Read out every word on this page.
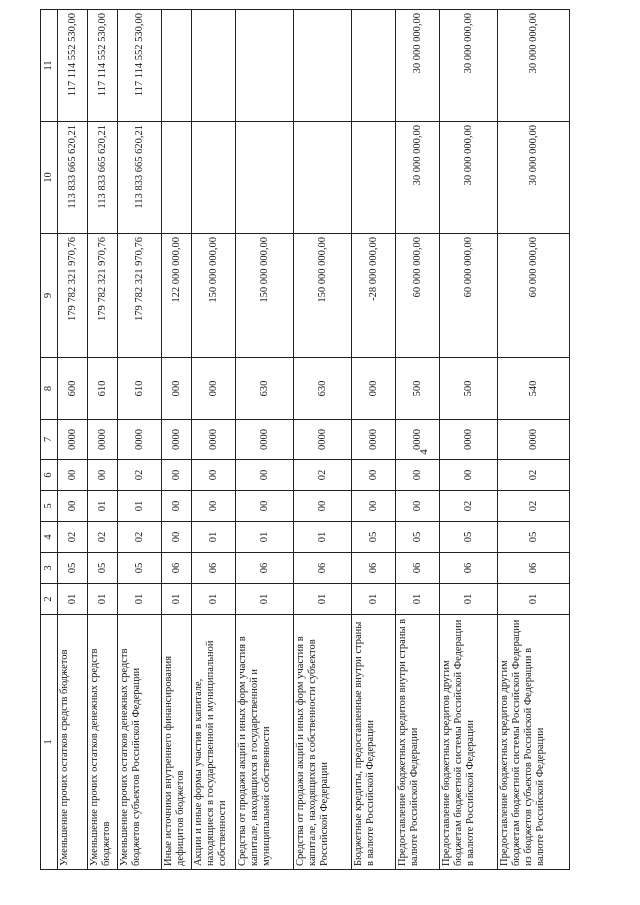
4
1	2	3	4	5	6	7	8	9	10	11
Уменьшение прочих остатков средств бюджетов	01	05	02	00	00	0000	600	179 782 321 970,76	113 833 665 620,21	117 114 552 530,00
Уменьшение прочих остатков денежных средств бюджетов	01	05	02	01	00	0000	610	179 782 321 970,76	113 833 665 620,21	117 114 552 530,00
Уменьшение прочих остатков денежных средств бюджетов субъектов Российской Федерации	01	05	02	01	02	0000	610	179 782 321 970,76	113 833 665 620,21	117 114 552 530,00
Иные источники внутреннего финансирования дефицитов бюджетов	01	06	00	00	00	0000	000	122 000 000,00		
Акции и иные формы участия в капитале, находящиеся в государственной и муниципальной собственности	01	06	01	00	00	0000	000	150 000 000,00		
Средства от продажи акций и иных форм участия в капитале, находящихся в государственной и муниципальной собственности	01	06	01	00	00	0000	630	150 000 000,00		
Средства от продажи акций и иных форм участия в капитале, находящихся в собственности субъектов Российской Федерации	01	06	01	00	02	0000	630	150 000 000,00		
Бюджетные кредиты, предоставленные внутри страны в валюте Российской Федерации	01	06	05	00	00	0000	000	-28 000 000,00		
Предоставление бюджетных кредитов внутри страны в валюте Российской Федерации	01	06	05	00	00	0000	500	60 000 000,00	30 000 000,00	30 000 000,00
Предоставление бюджетных кредитов другим бюджетам бюджетной системы Российской Федерации в валюте Российской Федерации	01	06	05	02	00	0000	500	60 000 000,00	30 000 000,00	30 000 000,00
Предоставление бюджетных кредитов другим бюджетам бюджетной системы Российской Федерации из бюджетов субъектов Российской Федерации в валюте Российской Федерации	01	06	05	02	02	0000	540	60 000 000,00	30 000 000,00	30 000 000,00
